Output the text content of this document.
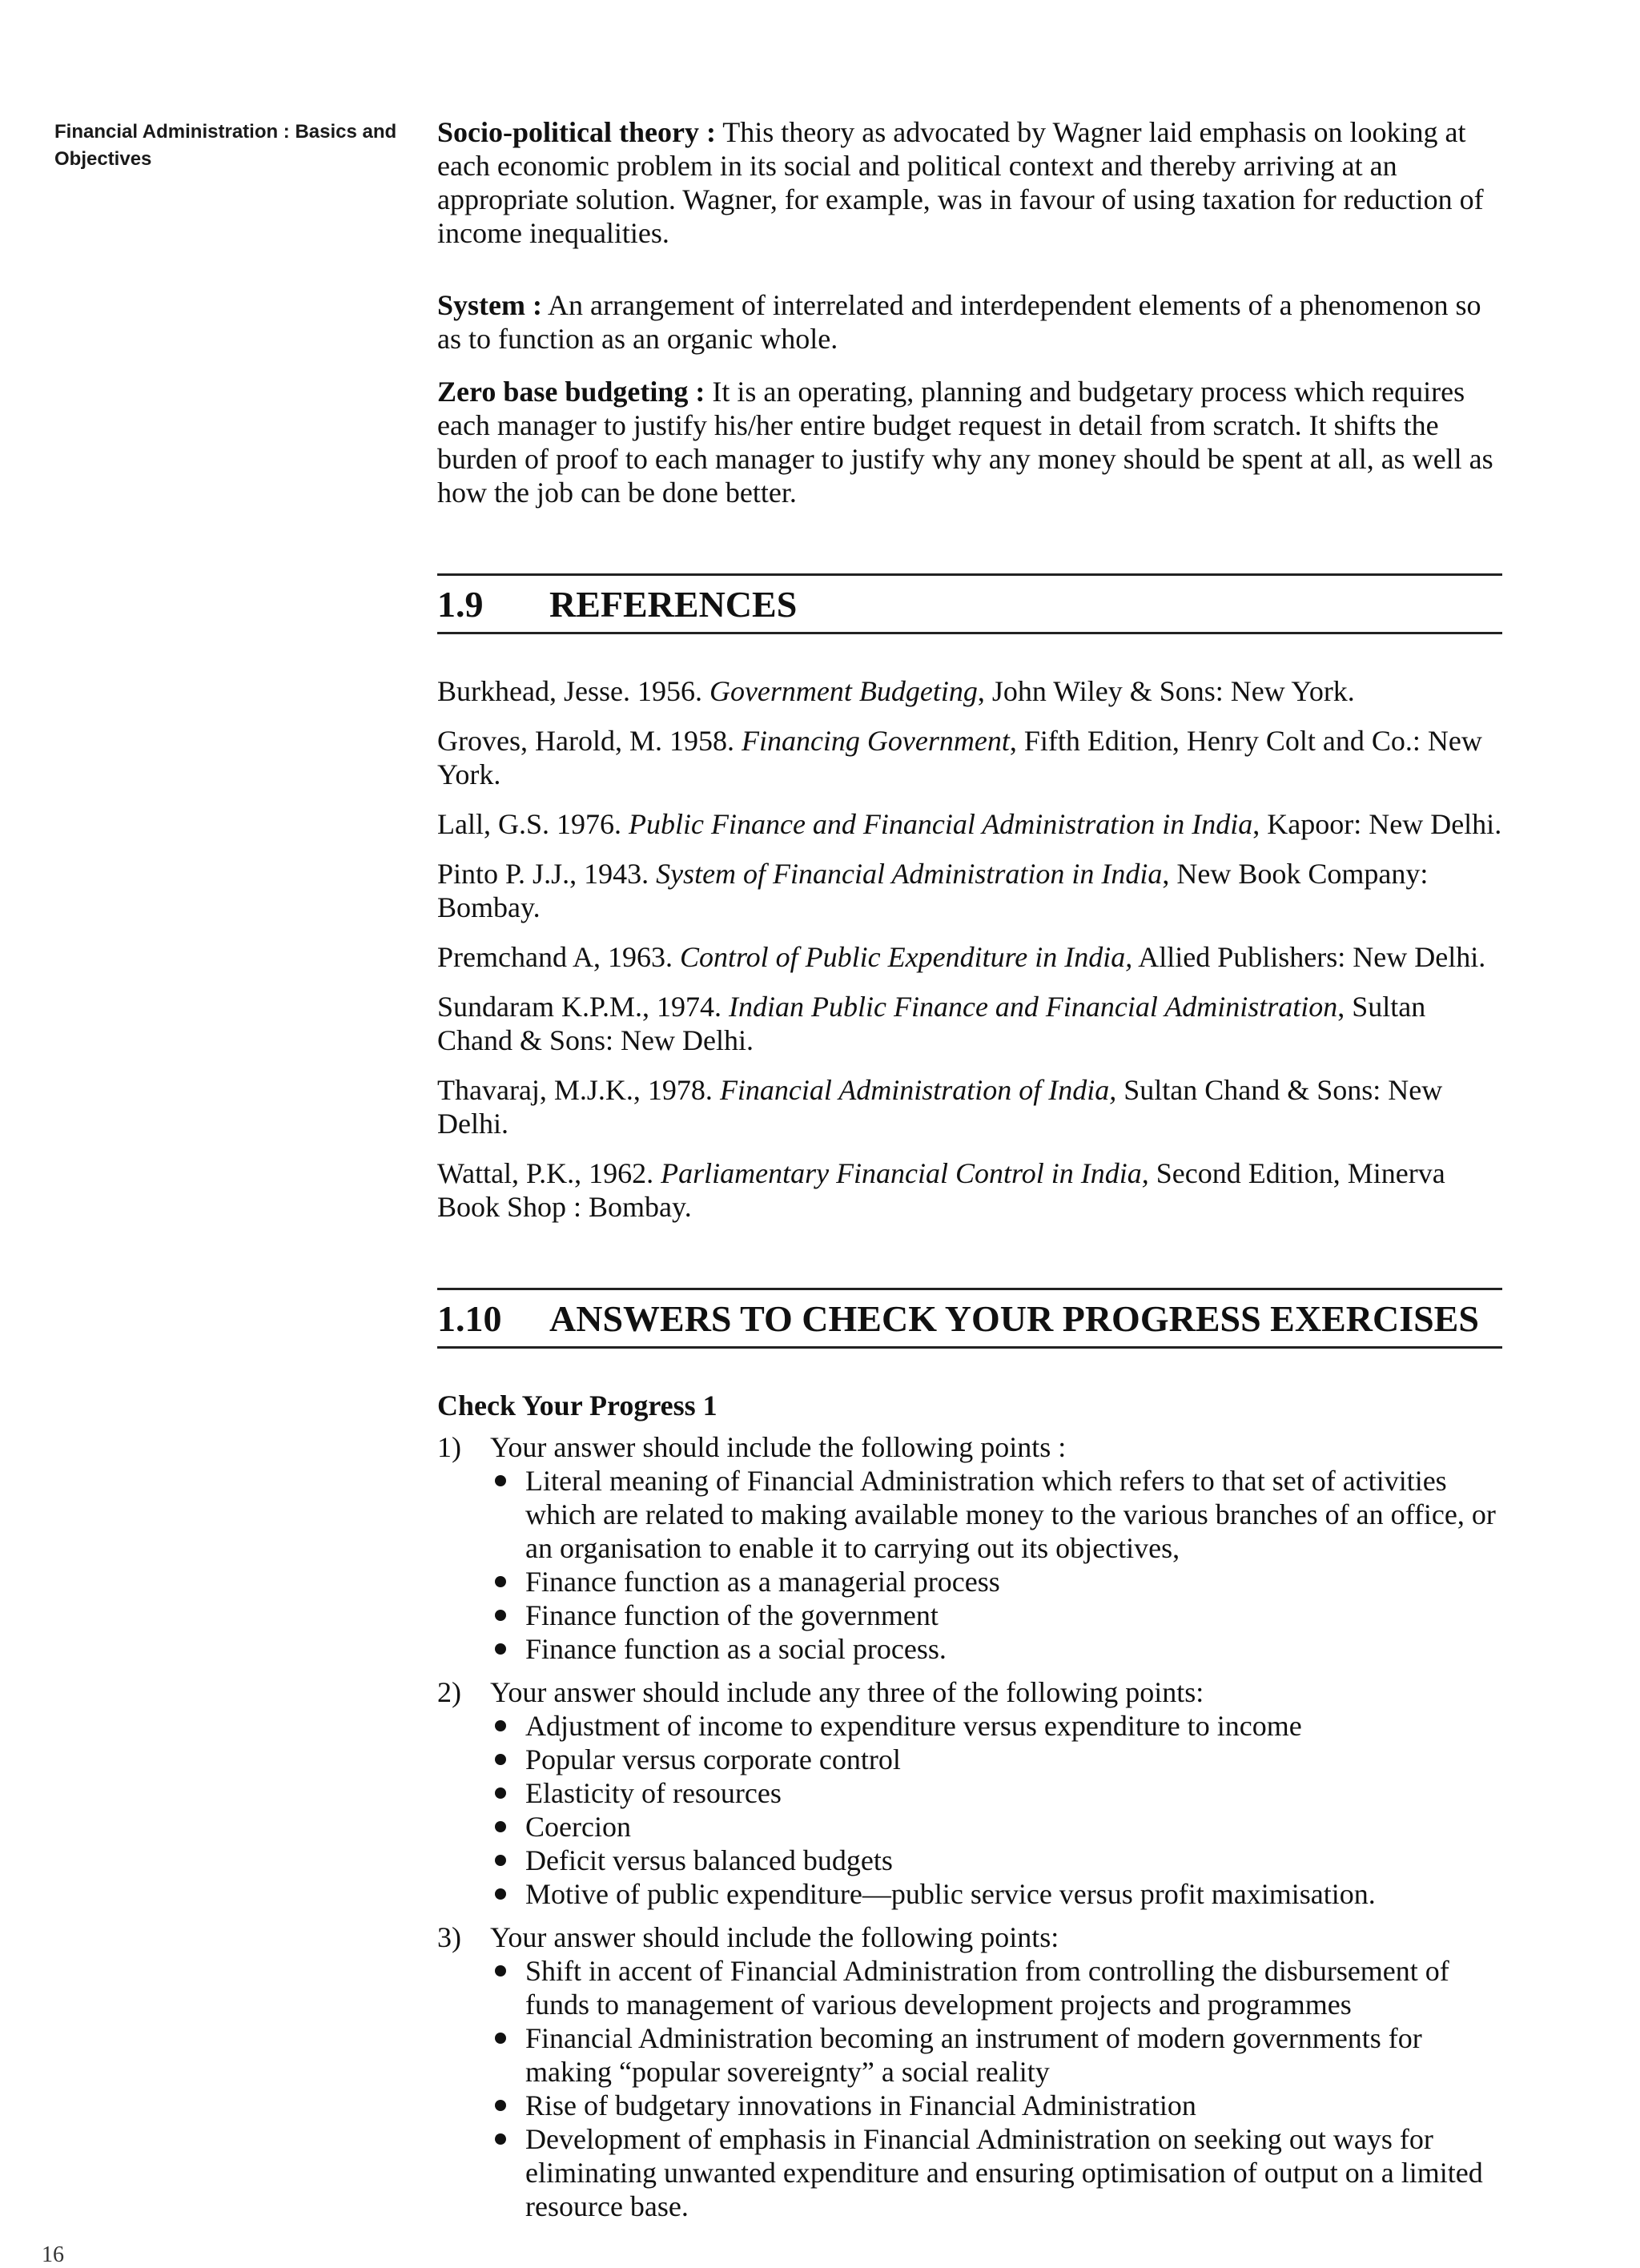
Financial Administration : Basics and Objectives

Socio-political theory : This theory as advocated by Wagner laid emphasis on looking at each economic problem in its social and political context and thereby arriving at an appropriate solution. Wagner, for example, was in favour of using taxation for reduction of income inequalities.

System : An arrangement of interrelated and interdependent elements of a phenomenon so as to function as an organic whole.

Zero base budgeting : It is an operating, planning and budgetary process which requires each manager to justify his/her entire budget request in detail from scratch. It shifts the burden of proof to each manager to justify why any money should be spent at all, as well as how the job can be done better.

1.9	REFERENCES

Burkhead, Jesse. 1956. Government Budgeting, John Wiley & Sons: New York.

Groves, Harold, M. 1958. Financing Government, Fifth Edition, Henry Colt and Co.: New York.

Lall, G.S. 1976. Public Finance and Financial Administration in India, Kapoor: New Delhi.

Pinto P. J.J., 1943. System of Financial Administration in India, New Book Company: Bombay.

Premchand A, 1963. Control of Public Expenditure in India, Allied Publishers: New Delhi.

Sundaram K.P.M., 1974. Indian Public Finance and Financial Administration, Sultan Chand & Sons: New Delhi.

Thavaraj, M.J.K., 1978. Financial Administration of India, Sultan Chand & Sons: New Delhi.

Wattal, P.K., 1962. Parliamentary Financial Control in India, Second Edition, Minerva Book Shop : Bombay.

1.10	ANSWERS TO CHECK YOUR PROGRESS EXERCISES

Check Your Progress 1

1)	Your answer should include the following points :
Literal meaning of Financial Administration which refers to that set of activities which are related to making available money to the various branches of an office, or an organisation to enable it to carrying out its objectives,
Finance function as a managerial process
Finance function of the government
Finance function as a social process.
2)	Your answer should include any three of the following points:
Adjustment of income to expenditure versus expenditure to income
Popular versus corporate control
Elasticity of resources
Coercion
Deficit versus balanced budgets
Motive of public expenditure—public service versus profit maximisation.
3)	Your answer should include the following points:
Shift in accent of Financial Administration from controlling the disbursement of funds to management of various development projects and programmes
Financial Administration becoming an instrument of modern governments for making “popular sovereignty” a social reality
Rise of budgetary innovations in Financial Administration
Development of emphasis in Financial Administration on seeking out ways for eliminating unwanted expenditure and ensuring optimisation of output on a limited resource base.
16
